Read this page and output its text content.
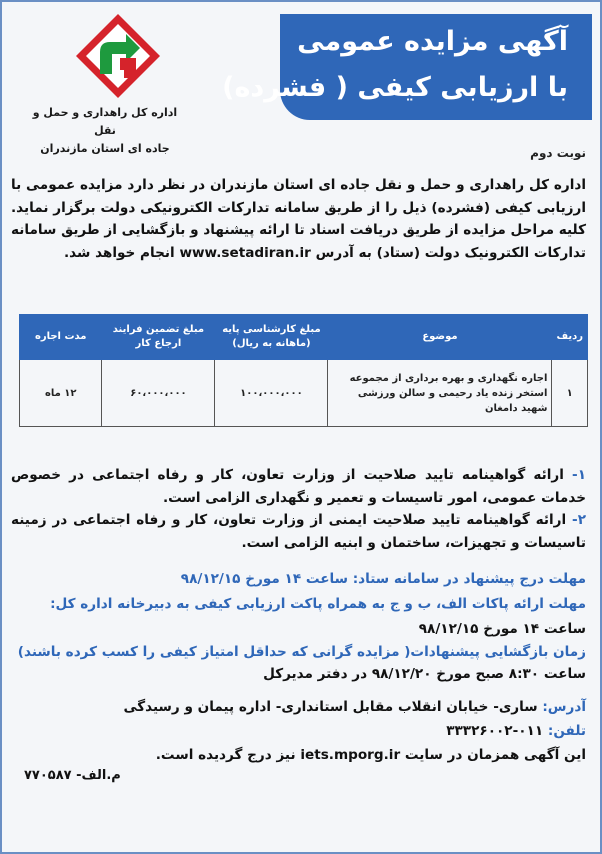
آگهی مزایده عمومی
با ارزیابی کیفی ( فشرده)
اداره کل راهداری و حمل و نقل
جاده ای استان مازندران	نوبت دوم
اداره کل راهداری و حمل و نقل جاده ای استان مازندران در نظر دارد مزایده عمومی با ارزیابی کیفی (فشرده) ذیل را از طریق سامانه تدارکات الکترونیکی دولت برگزار نماید. کلیه مراحل مزایده از طریق دریافت اسناد تا ارائه پیشنهاد و بازگشایی از طریق سامانه تدارکات الکترونیک دولت (ستاد) به آدرس www.setadiran.ir انجام خواهد شد.
ردیف	موضوع	مبلغ کارشناسی پایه (ماهانه به ریال)	مبلغ تضمین فرایند ارجاع کار	مدت اجاره
۱	اجاره نگهداری و بهره برداری از مجموعه استخر زنده یاد رحیمی و سالن ورزشی شهید دامغان	۱۰۰،۰۰۰،۰۰۰	۶۰،۰۰۰،۰۰۰	۱۲ ماه
۱- ارائه گواهینامه تایید صلاحیت از وزارت تعاون، کار و رفاه اجتماعی در خصوص خدمات عمومی، امور تاسیسات و تعمیر و نگهداری الزامی است.
۲- ارائه گواهینامه تایید صلاحیت ایمنی از وزارت تعاون، کار و رفاه اجتماعی در زمینه تاسیسات و تجهیزات، ساختمان و ابنیه الزامی است.
مهلت درج پیشنهاد در سامانه ستاد: ساعت ۱۴ مورخ ۹۸/۱۲/۱۵
مهلت ارائه پاکات الف، ب و ج به همراه پاکت ارزیابی کیفی به دبیرخانه اداره کل:
ساعت ۱۴ مورخ ۹۸/۱۲/۱۵
زمان بازگشایی پیشنهادات( مزایده گرانی که حداقل امتیاز کیفی را کسب کرده باشند) ساعت ۸:۳۰ صبح مورخ ۹۸/۱۲/۲۰ در دفتر مدیرکل
آدرس: ساری- خیابان انقلاب مقابل استانداری- اداره پیمان و رسیدگی
تلفن: ۰۱۱-۳۳۳۲۶۰۰۲
این آگهی همزمان در سایت iets.mporg.ir نیز درج گردیده است.
م.الف- ۷۷۰۵۸۷
